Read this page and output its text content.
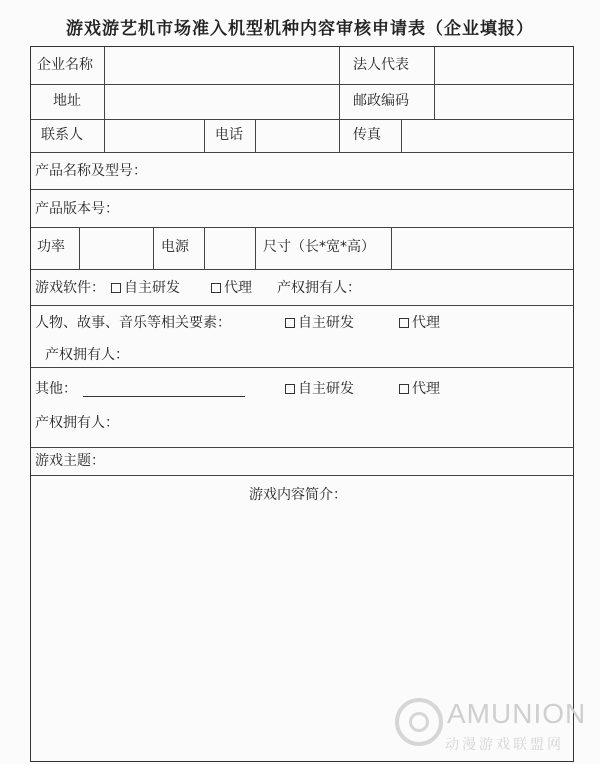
游戏游艺机市场准入机型机种内容审核申请表（企业填报）
企业名称	法人代表
地址	邮政编码
联系人	电话	传真
产品名称及型号：
产品版本号：
功率	电源	尺寸（长*宽*高）
游戏软件：	自主研发	代理 产权拥有人：
人物、故事、音乐等相关要素：	自主研发	代理
产权拥有人：
其他：	自主研发	代理
产权拥有人：
游戏主题：
游戏内容简介：
AMUNION
动漫游戏联盟网
